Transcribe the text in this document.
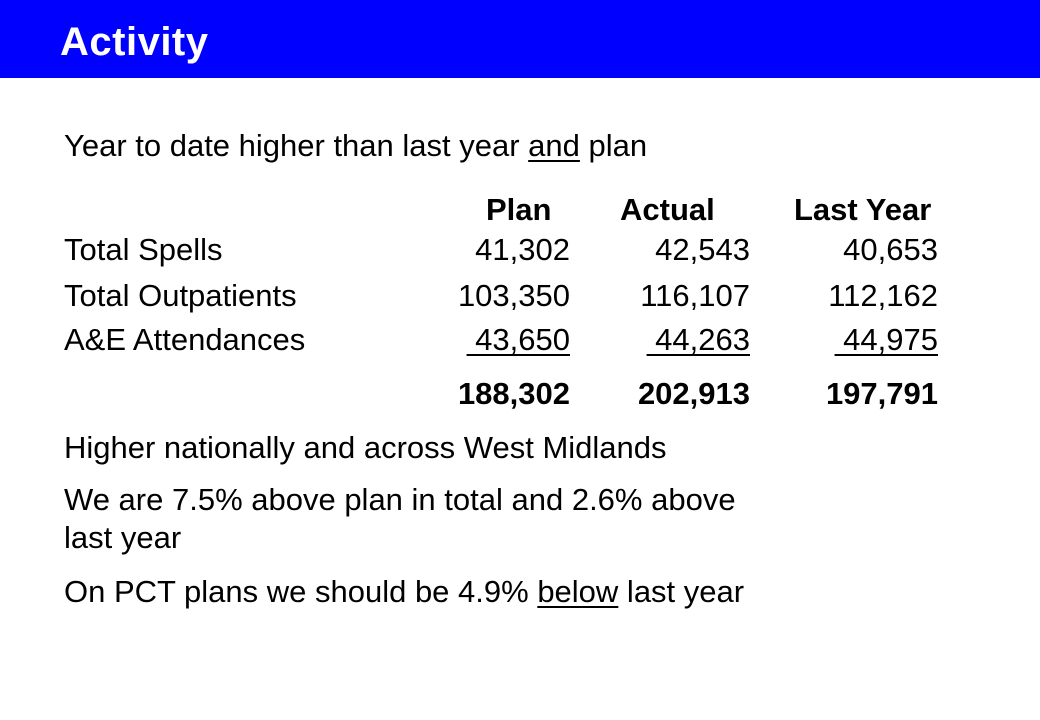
Activity
Year to date higher than last year and plan
Plan Actual	Last Year
Total Spells	41,302 42,543	40,653
Total Outpatients	103,350 116,107	112,162
A&E Attendances	43,650 44,263	44,975
188,302 202,913 197,791
Higher nationally and across West Midlands
We are 7.5% above plan in total and 2.6% above
last year
On PCT plans we should be 4.9% below last year
